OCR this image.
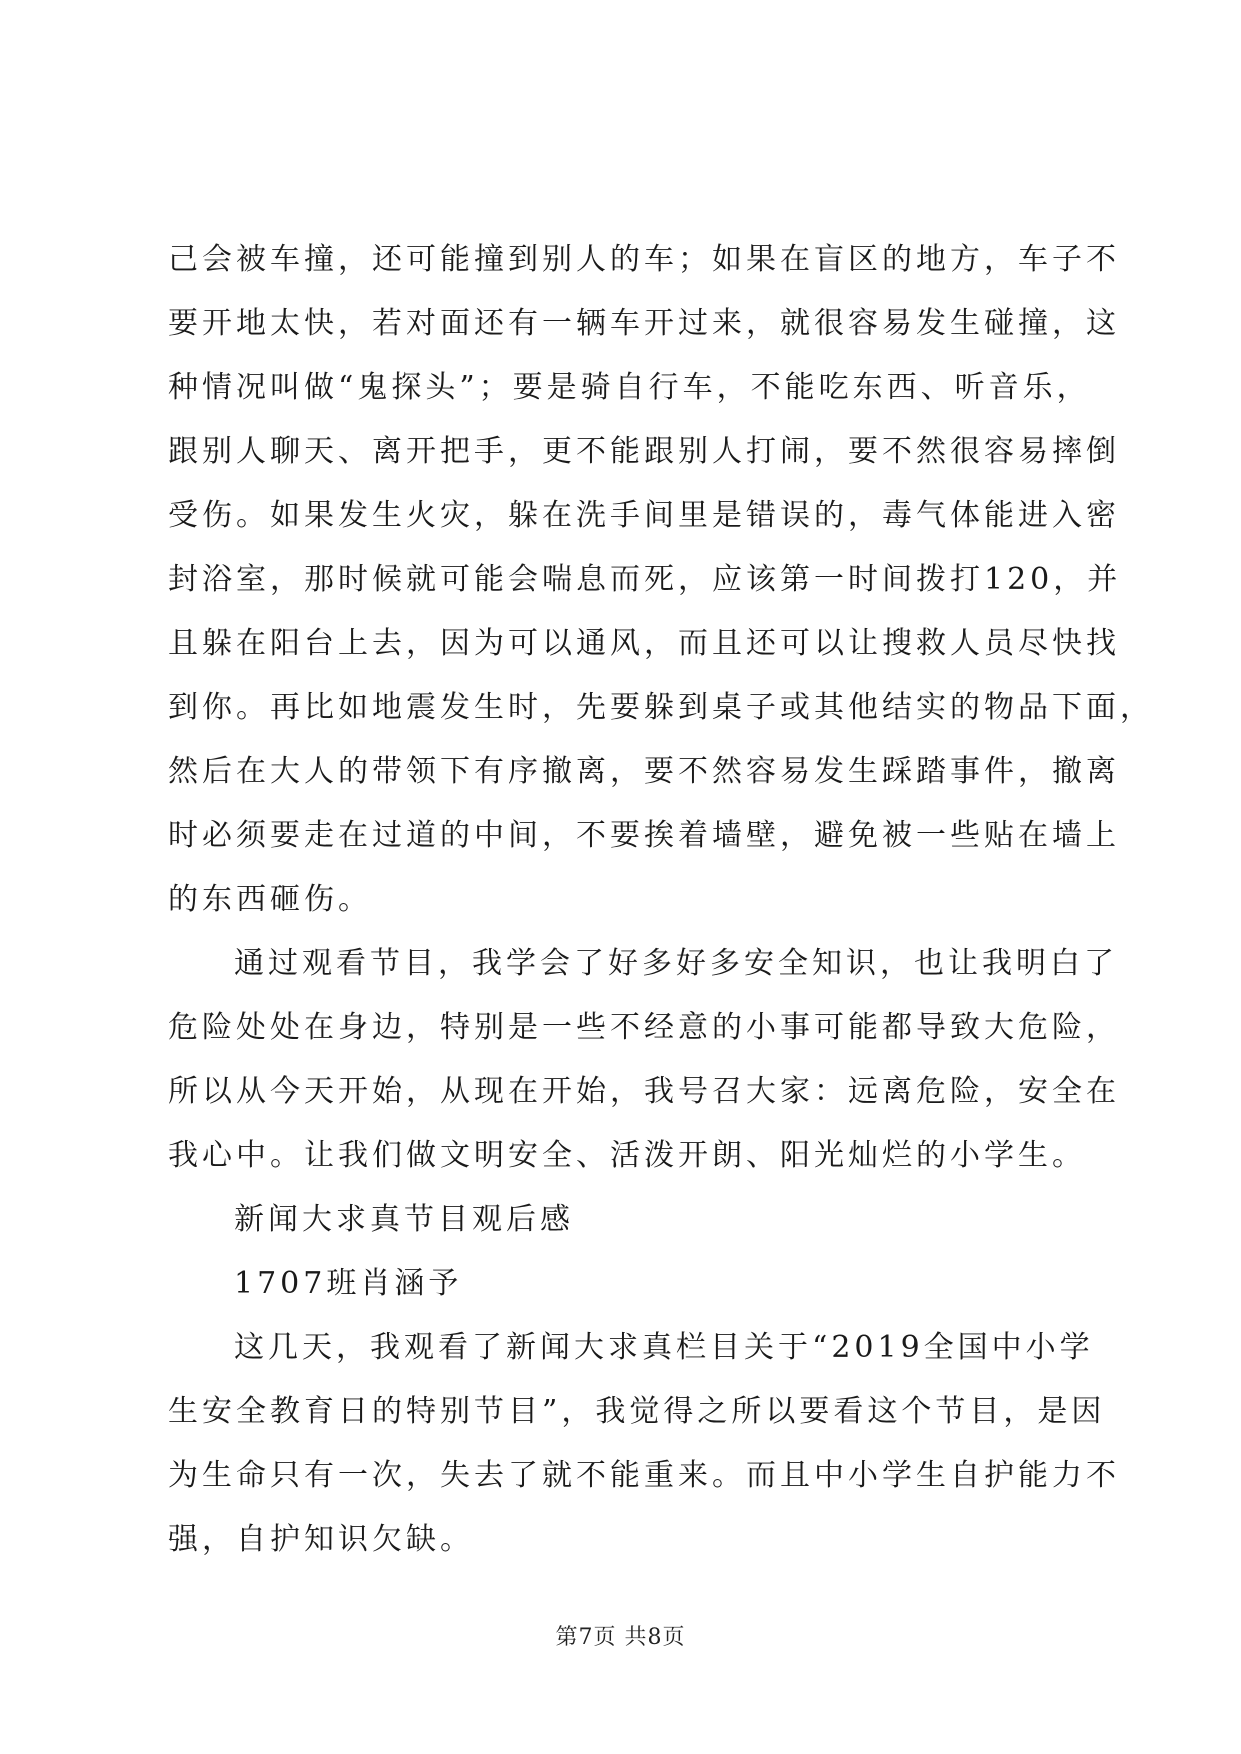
己会被车撞，还可能撞到别人的车；如果在盲区的地方，车子不
要开地太快，若对面还有一辆车开过来，就很容易发生碰撞，这
种情况叫做“鬼探头”；要是骑自行车，不能吃东西、听音乐，
跟别人聊天、离开把手，更不能跟别人打闹，要不然很容易摔倒
受伤。如果发生火灾，躲在洗手间里是错误的，毒气体能进入密
封浴室，那时候就可能会喘息而死，应该第一时间拨打120，并
且躲在阳台上去，因为可以通风，而且还可以让搜救人员尽快找
到你。再比如地震发生时，先要躲到桌子或其他结实的物品下面，
然后在大人的带领下有序撤离，要不然容易发生踩踏事件，撤离
时必须要走在过道的中间，不要挨着墙壁，避免被一些贴在墙上
的东西砸伤。
通过观看节目，我学会了好多好多安全知识，也让我明白了
危险处处在身边，特别是一些不经意的小事可能都导致大危险，
所以从今天开始，从现在开始，我号召大家：远离危险，安全在
我心中。让我们做文明安全、活泼开朗、阳光灿烂的小学生。
新闻大求真节目观后感
1707班肖涵予
这几天，我观看了新闻大求真栏目关于“2019全国中小学
生安全教育日的特别节目”，我觉得之所以要看这个节目，是因
为生命只有一次，失去了就不能重来。而且中小学生自护能力不
强，自护知识欠缺。
第7页 共8页
